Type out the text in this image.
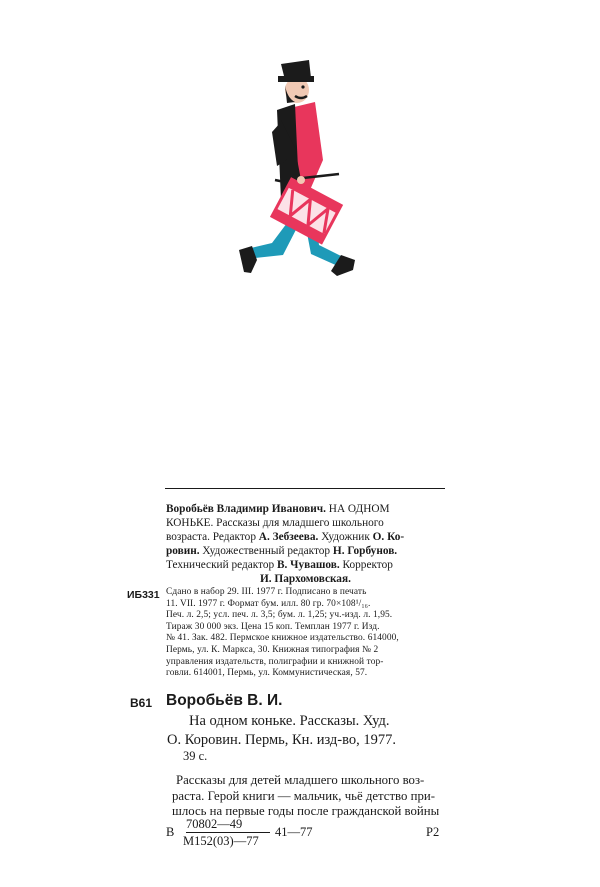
Воробьёв Владимир Иванович. НА ОДНОМ
КОНЬКЕ. Рассказы для младшего школьного
возраста. Редактор А. Зебзеева. Художник О. Ко-
ровин. Художественный редактор Н. Горбунов.
Технический редактор В. Чувашов. Корректор
И. Пархомовская.
ИБ331 Сдано в набор 29. III. 1977 г. Подписано в печать
11. VII. 1977 г. Формат бум. илл. 80 гр. 70×108¹/₁₆.
Печ. л. 2,5; усл. печ. л. 3,5; бум. л. 1,25; уч.-изд. л. 1,95.
Тираж 30 000 экз. Цена 15 коп. Темплан 1977 г. Изд.
№ 41. Зак. 482. Пермское книжное издательство. 614000,
Пермь, ул. К. Маркса, 30. Книжная типография № 2
управления издательств, полиграфии и книжной тор-
говли. 614001, Пермь, ул. Коммунистическая, 57.
В61 Воробьёв В. И.
На одном коньке. Рассказы. Худ.
О. Коровин. Пермь, Кн. изд-во, 1977.
39 с.
Рассказы для детей младшего школьного воз-
раста. Герой книги — мальчик, чьё детство при-
шлось на первые годы после гражданской войны
В
70802—49
М152(03)—77
41—77	Р2
